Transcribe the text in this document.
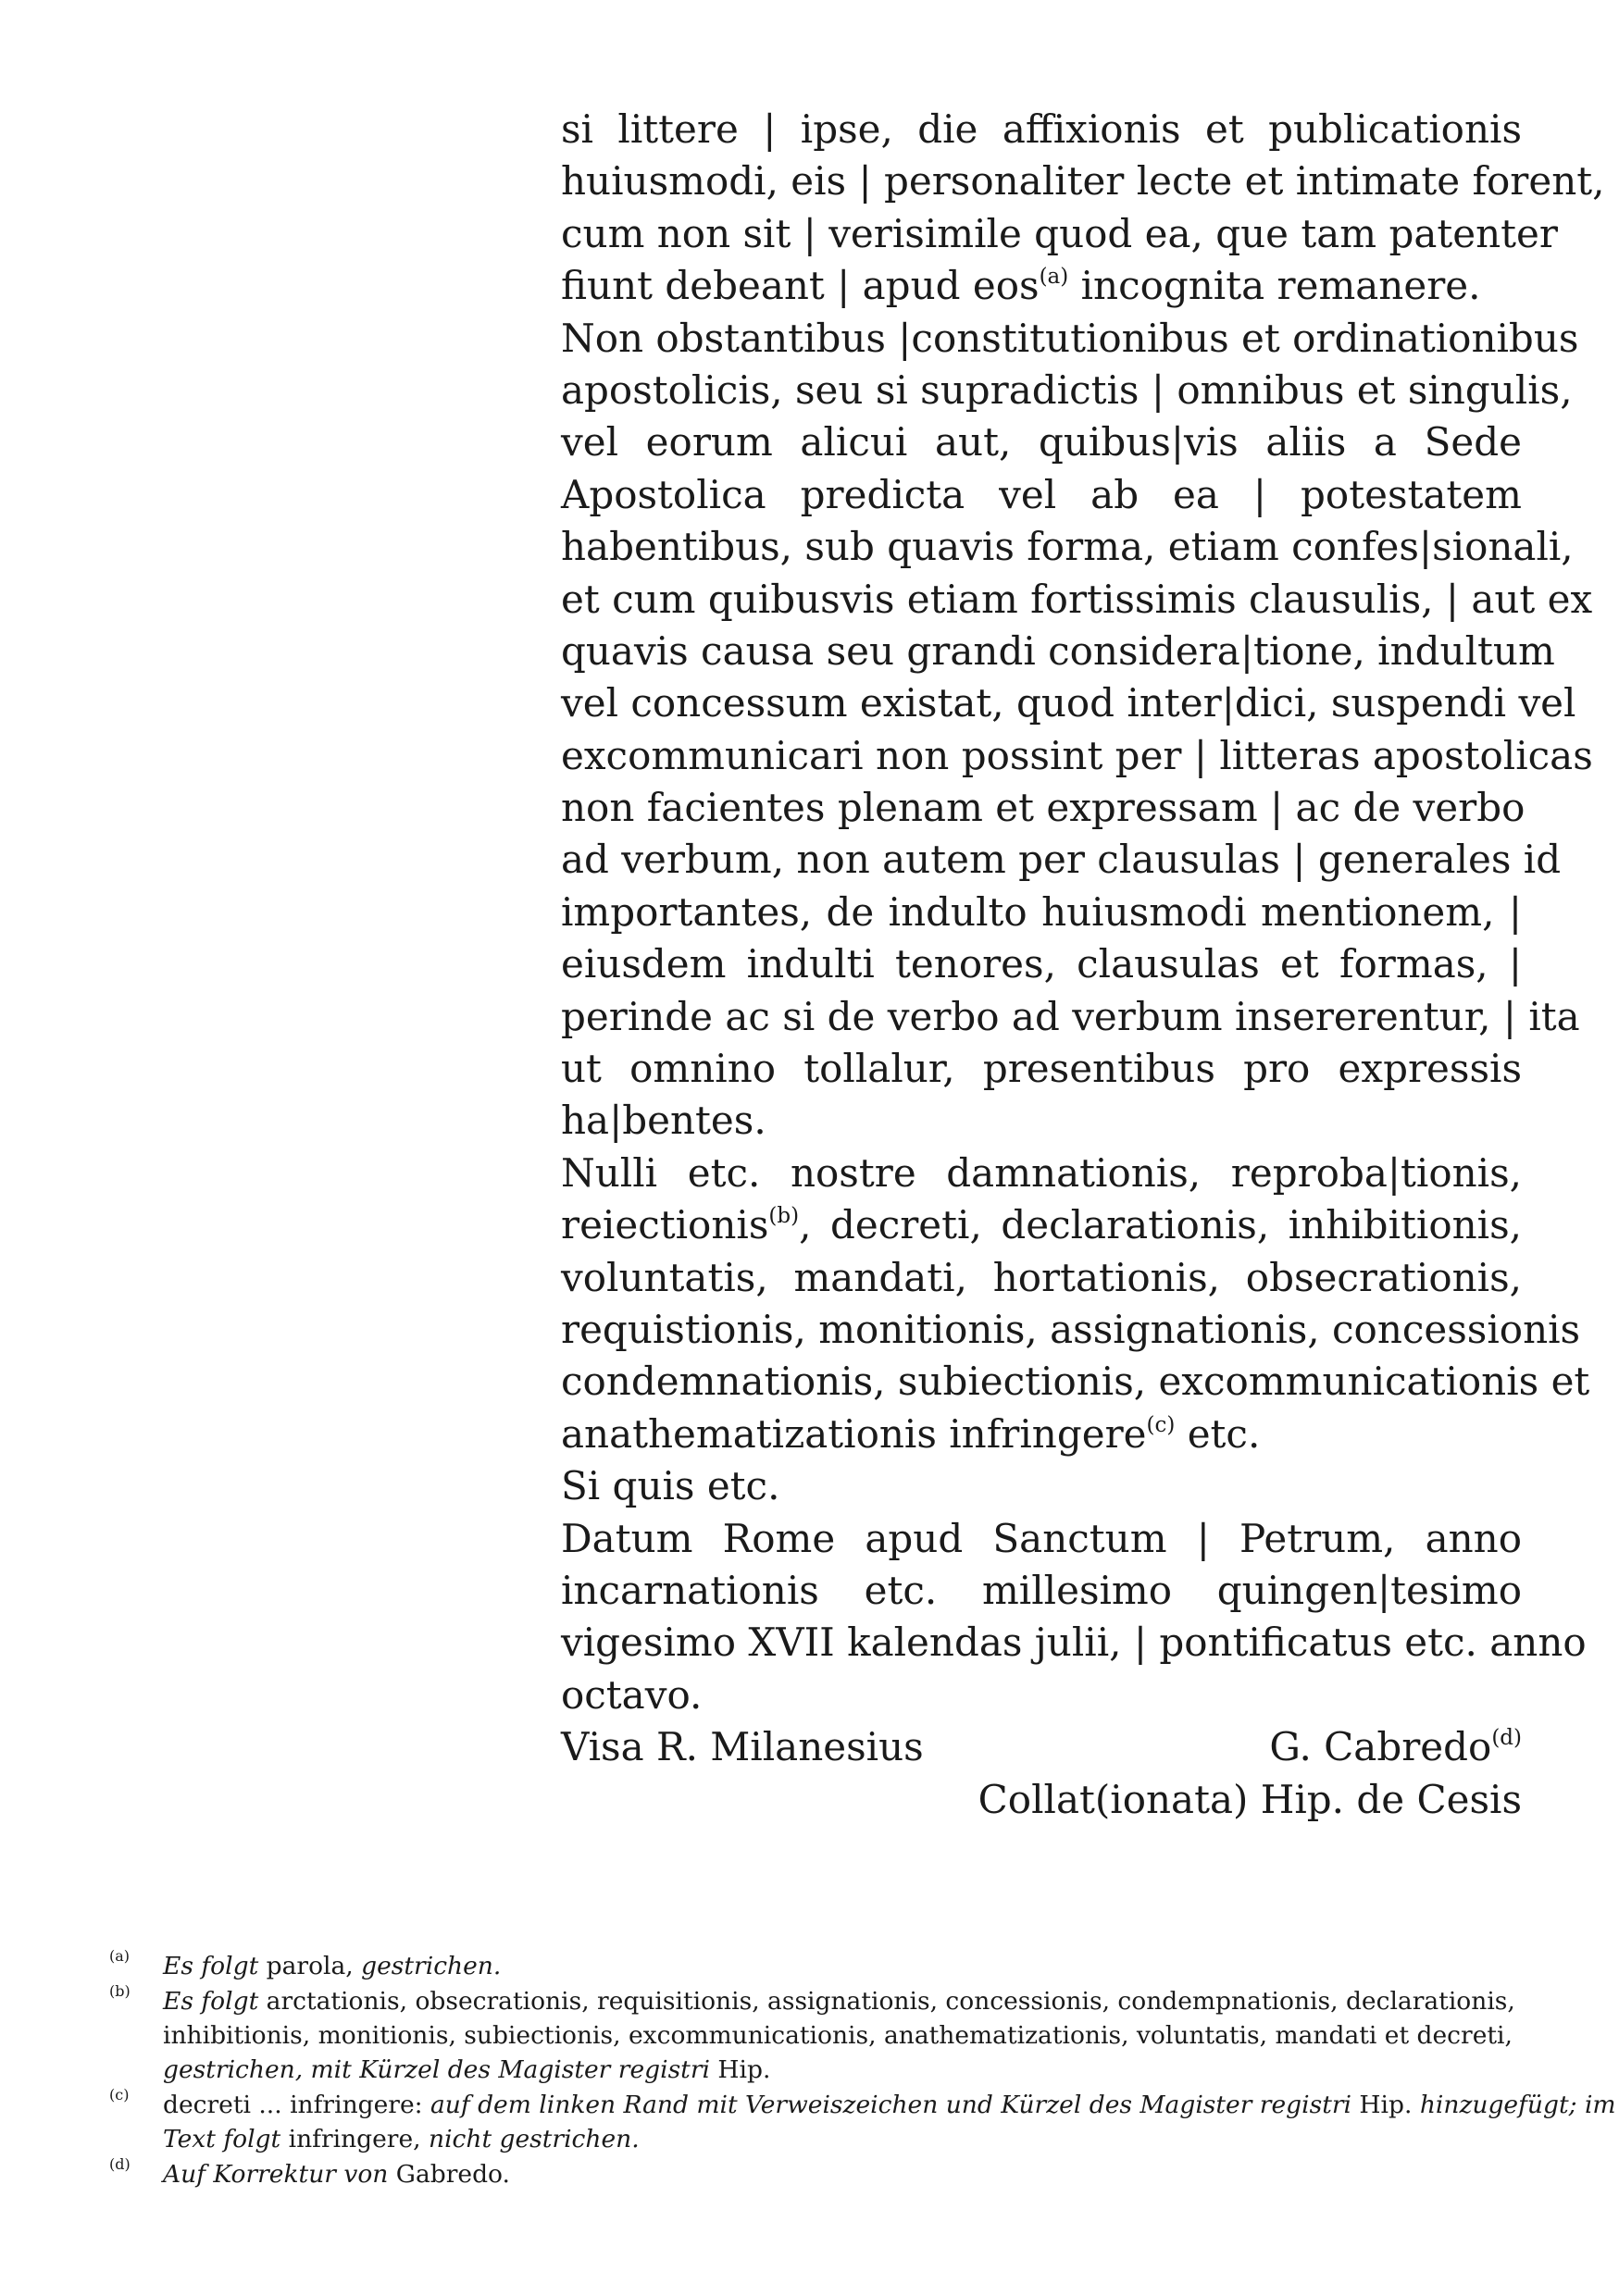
si littere | ipse, die affixionis et publicationis
huiusmodi, eis | personaliter lecte et intimate forent,
cum non sit | verisimile quod ea, que tam patenter
fiunt debeant | apud eos$^{(a)}$ incognita remanere.
Non obstantibus |constitutionibus et ordinationibus
apostolicis, seu si supradictis | omnibus et singulis,
vel eorum alicui aut, quibus|vis aliis a Sede
Apostolica predicta vel ab ea | potestatem
habentibus, sub quavis forma, etiam confes|sionali,
et cum quibusvis etiam fortissimis clausulis, | aut ex
quavis causa seu grandi considera|tione, indultum
vel concessum existat, quod inter|dici, suspendi vel
excommunicari non possint per | litteras apostolicas
non facientes plenam et expressam | ac de verbo
ad verbum, non autem per clausulas | generales id
importantes, de indulto huiusmodi mentionem, |
eiusdem indulti tenores, clausulas et formas, |
perinde ac si de verbo ad verbum insererentur, | ita
ut omnino tollalur, presentibus pro expressis
ha|bentes.
Nulli etc. nostre damnationis, reproba|tionis,
reiectionis$^{(b)}$, decreti, declarationis, inhibitionis,
voluntatis, mandati, hortationis, obsecrationis,
requistionis, monitionis, assignationis, concessionis
condemnationis, subiectionis, excommunicationis et
anathematizationis infringere$^{(c)}$ etc.
Si quis etc.
Datum Rome apud Sanctum | Petrum, anno
incarnationis etc. millesimo quingen|tesimo
vigesimo XVII kalendas julii, | pontificatus etc. anno
octavo.
Visa R. Milanesius	G. Cabredo$^{(d)}$
Collat(ionata) Hip. de Cesis
(a) Es folgt parola, gestrichen.
(b) Es folgt arctationis, obsecrationis, requisitionis, assignationis, concessionis, condempnationis, declarationis,
inhibitionis, monitionis, subiectionis, excommunicationis, anathematizationis, voluntatis, mandati et decreti,
gestrichen, mit Kürzel des Magister registri Hip.
(c) decreti ... infringere: auf dem linken Rand mit Verweiszeichen und Kürzel des Magister registri Hip. hinzugefügt; im
Text folgt infringere, nicht gestrichen.
(d) Auf Korrektur von Gabredo.
